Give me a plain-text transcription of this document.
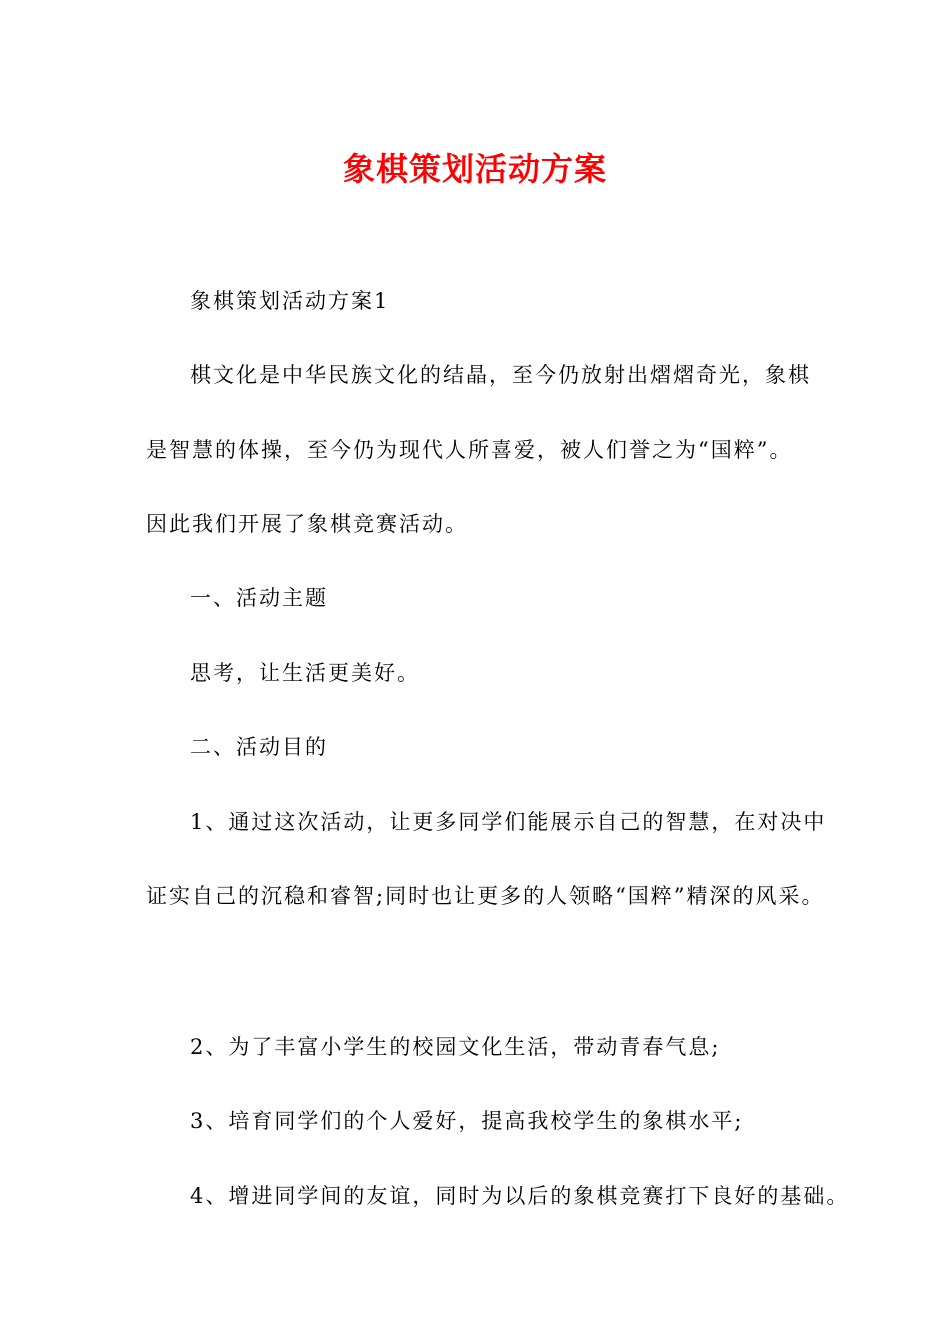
象棋策划活动方案
象棋策划活动方案1
棋文化是中华民族文化的结晶，至今仍放射出熠熠奇光，象棋
是智慧的体操，至今仍为现代人所喜爱，被人们誉之为“国粹”。
因此我们开展了象棋竞赛活动。
一、活动主题
思考，让生活更美好。
二、活动目的
1、通过这次活动，让更多同学们能展示自己的智慧，在对决中
证实自己的沉稳和睿智;同时也让更多的人领略“国粹”精深的风采。
2、为了丰富小学生的校园文化生活，带动青春气息;
3、培育同学们的个人爱好，提高我校学生的象棋水平;
4、增进同学间的友谊，同时为以后的象棋竞赛打下良好的基础。
